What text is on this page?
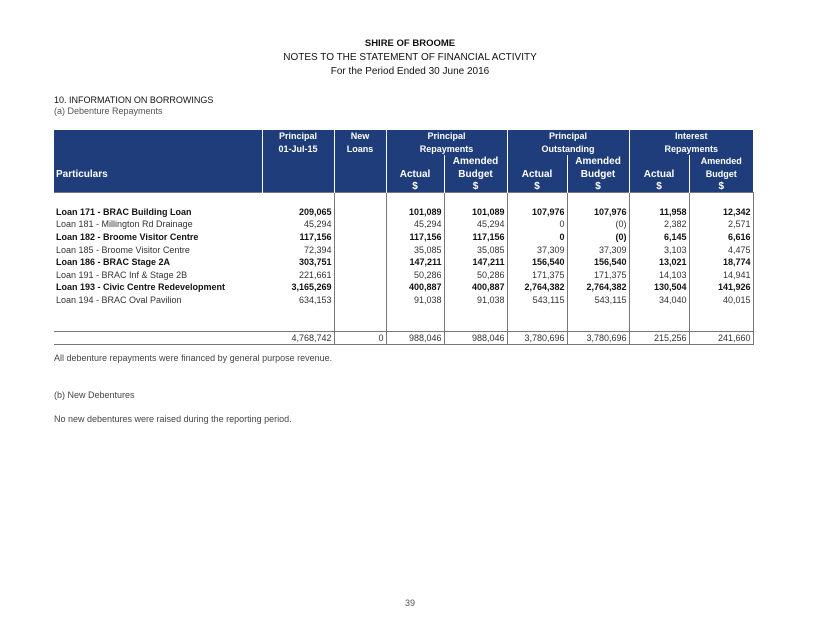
SHIRE OF BROOME
NOTES TO THE STATEMENT OF FINANCIAL ACTIVITY
For the Period Ended 30 June 2016
10. INFORMATION ON BORROWINGS
(a) Debenture Repayments
	Principal	New	Principal		Principal		Interest	
	01-Jul-15	Loans	Repayments		Outstanding		Repayments	
				Amended		Amended		Amended
Particulars			Actual	Budget	Actual	Budget	Actual	Budget
			$	$	$	$	$	$

Loan 171 - BRAC Building Loan	209,065		101,089	101,089	107,976	107,976	11,958	12,342
Loan 181 - Millington Rd Drainage	45,294		45,294	45,294	0	(0)	2,382	2,571
Loan 182 - Broome Visitor Centre	117,156		117,156	117,156	0	(0)	6,145	6,616
Loan 185 - Broome Visitor Centre	72,394		35,085	35,085	37,309	37,309	3,103	4,475
Loan 186 - BRAC Stage 2A	303,751		147,211	147,211	156,540	156,540	13,021	18,774
Loan 191 - BRAC Inf & Stage 2B	221,661		50,286	50,286	171,375	171,375	14,103	14,941
Loan 193 - Civic Centre Redevelopment	3,165,269		400,887	400,887	2,764,382	2,764,382	130,504	141,926
Loan 194 - BRAC Oval Pavilion	634,153		91,038	91,038	543,115	543,115	34,040	40,015

	4,768,742	0	988,046	988,046	3,780,696	3,780,696	215,256	241,660
All debenture repayments were financed by general purpose revenue.
(b) New Debentures
No new debentures were raised during the reporting period.
39
